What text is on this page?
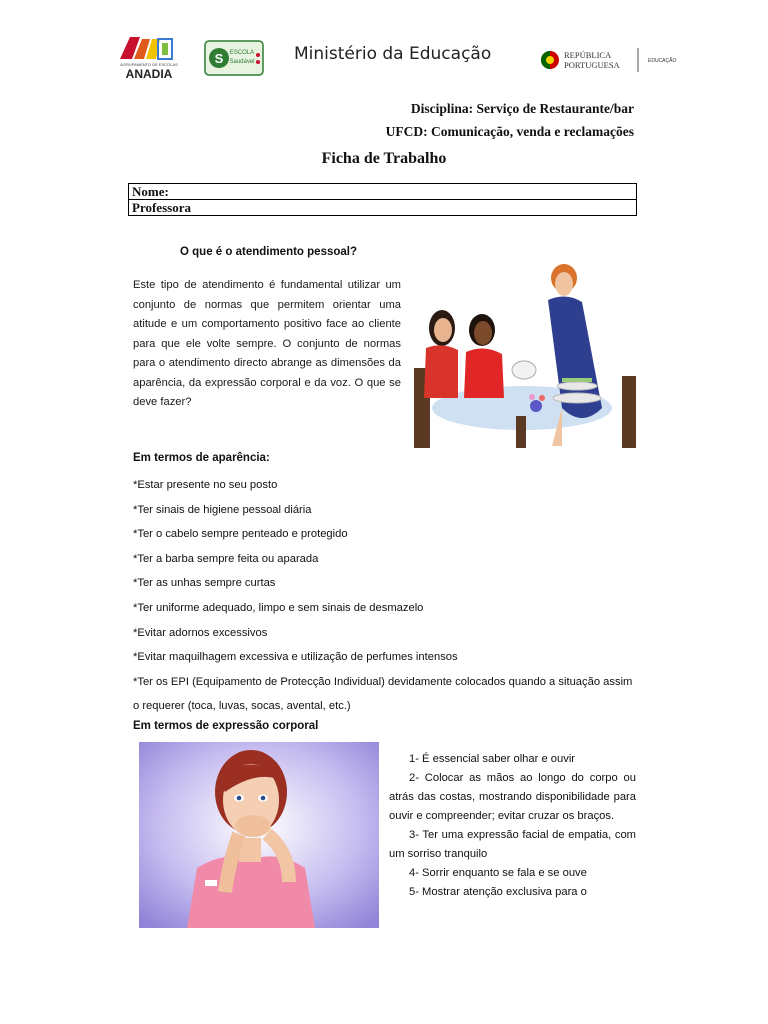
AGRUPAMENTO DE ESCOLAS
ANADIA
S ESCOLA
Saudável Ministério da Educação	REPÚBLICA
PORTUGUESA	EDUCAÇÃO
Disciplina: Serviço de Restaurante/bar
UFCD: Comunicação, venda e reclamações
Ficha de Trabalho
Nome:
Professora
O que é o atendimento pessoal?
Este tipo de atendimento é fundamental utilizar um conjunto de normas que permitem orientar uma atitude e um comportamento positivo face ao cliente para que ele volte sempre. O conjunto de normas para o atendimento directo abrange as dimensões da aparência, da expressão corporal e da voz. O que se deve fazer?
Em termos de aparência:
*Estar presente no seu posto
*Ter sinais de higiene pessoal diária
*Ter o cabelo sempre penteado e protegido
*Ter a barba sempre feita ou aparada
*Ter as unhas sempre curtas
*Ter uniforme adequado, limpo e sem sinais de desmazelo
*Evitar adornos excessivos
*Evitar maquilhagem excessiva e utilização de perfumes intensos
*Ter os EPI (Equipamento de Protecção Individual) devidamente colocados quando a situação assim o requerer (toca, luvas, socas, avental, etc.)
Em termos de expressão corporal
1- É essencial saber olhar e ouvir
2- Colocar as mãos ao longo do corpo ou atrás das costas, mostrando disponibilidade para ouvir e compreender; evitar cruzar os braços.
3- Ter uma expressão facial de empatia, com um sorriso tranquilo
4- Sorrir enquanto se fala e se ouve
5- Mostrar atenção exclusiva para o
